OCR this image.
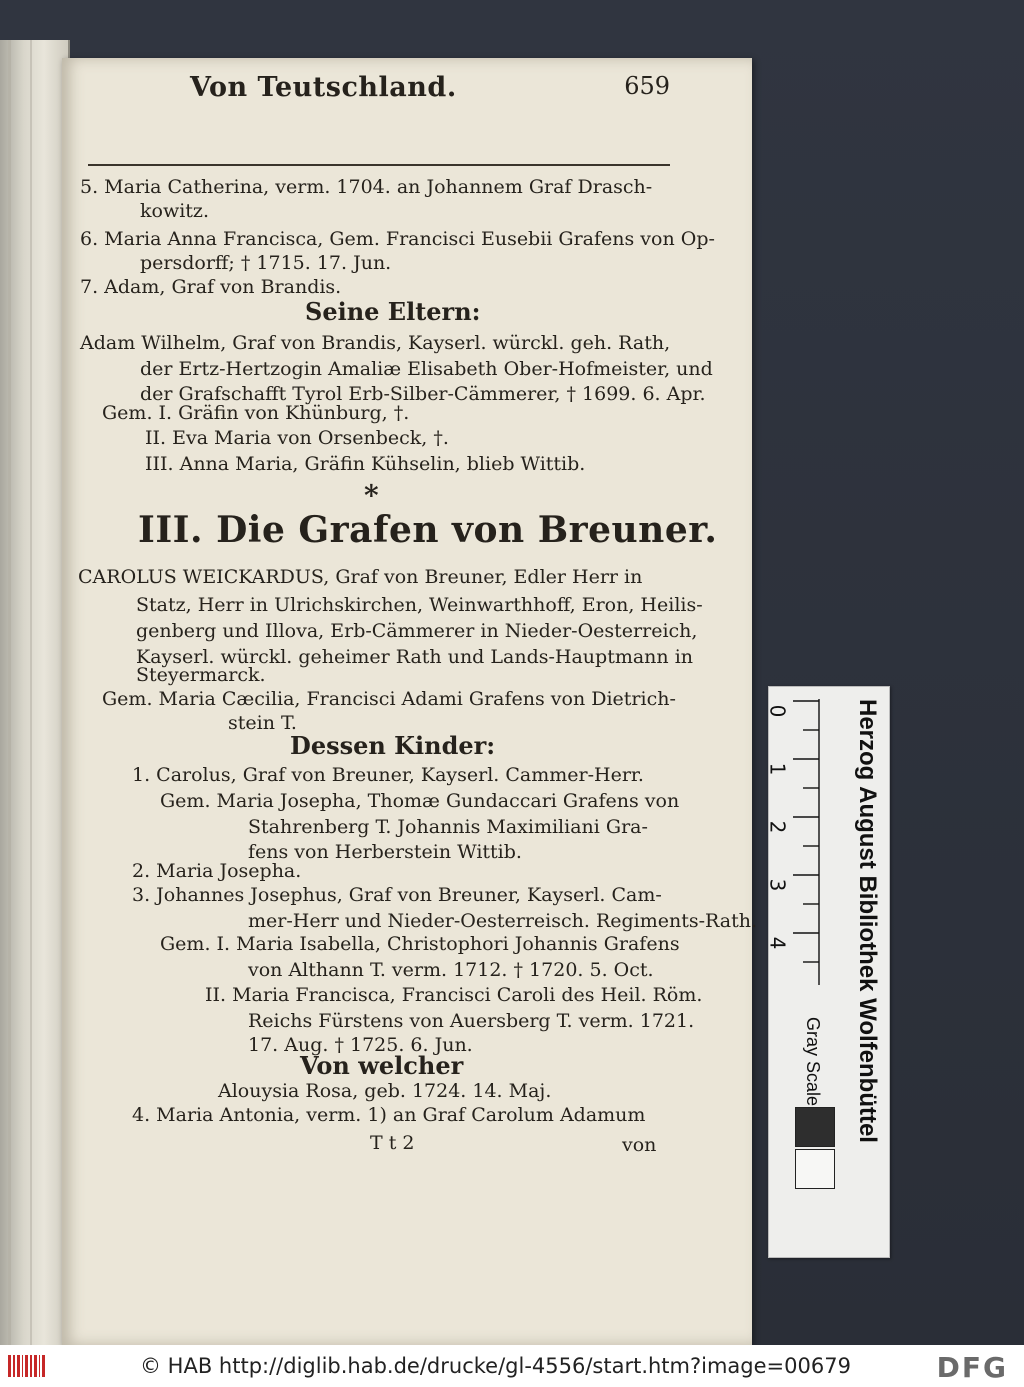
Von Teutschland.	659
5. Maria Catherina, verm. 1704. an Johannem Graf Drasch-
kowitz.
6. Maria Anna Francisca, Gem. Francisci Eusebii Grafens von Op-
persdorff; † 1715. 17. Jun.
7. Adam, Graf von Brandis.
Seine Eltern:
Adam Wilhelm, Graf von Brandis, Kayserl. würckl. geh. Rath,
der Ertz-Hertzogin Amaliæ Elisabeth Ober-Hofmeister, und
der Grafschafft Tyrol Erb-Silber-Cämmerer, † 1699. 6. Apr.
Gem. I. Gräfin von Khünburg, †.
II. Eva Maria von Orsenbeck, †.
III. Anna Maria, Gräfin Kühselin, blieb Wittib.
*
III. Die Grafen von Breuner.
CAROLUS WEICKARDUS, Graf von Breuner, Edler Herr in
Statz, Herr in Ulrichskirchen, Weinwarthhoff, Eron, Heilis-
genberg und Illova, Erb-Cämmerer in Nieder-Oesterreich,
Kayserl. würckl. geheimer Rath und Lands-Hauptmann in
Steyermarck.
Gem. Maria Cæcilia, Francisci Adami Grafens von Dietrich-
stein T.
Dessen Kinder:
1. Carolus, Graf von Breuner, Kayserl. Cammer-Herr.
Gem. Maria Josepha, Thomæ Gundaccari Grafens von
Stahrenberg T. Johannis Maximiliani Gra-
fens von Herberstein Wittib.
2. Maria Josepha.
3. Johannes Josephus, Graf von Breuner, Kayserl. Cam-
mer-Herr und Nieder-Oesterreisch. Regiments-Rath.
Gem. I. Maria Isabella, Christophori Johannis Grafens
von Althann T. verm. 1712. † 1720. 5. Oct.
II. Maria Francisca, Francisci Caroli des Heil. Röm.
Reichs Fürstens von Auersberg T. verm. 1721.
17. Aug. † 1725. 6. Jun.
Von welcher
Alouysia Rosa, geb. 1724. 14. Maj.
4. Maria Antonia, verm. 1) an Graf Carolum Adamum
T t 2	von
0
1
2
3
4	Herzog August Bibliothek Wolfenbüttel
Gray Scale
© HAB http://diglib.hab.de/drucke/gl-4556/start.htm?image=00679	DFG
